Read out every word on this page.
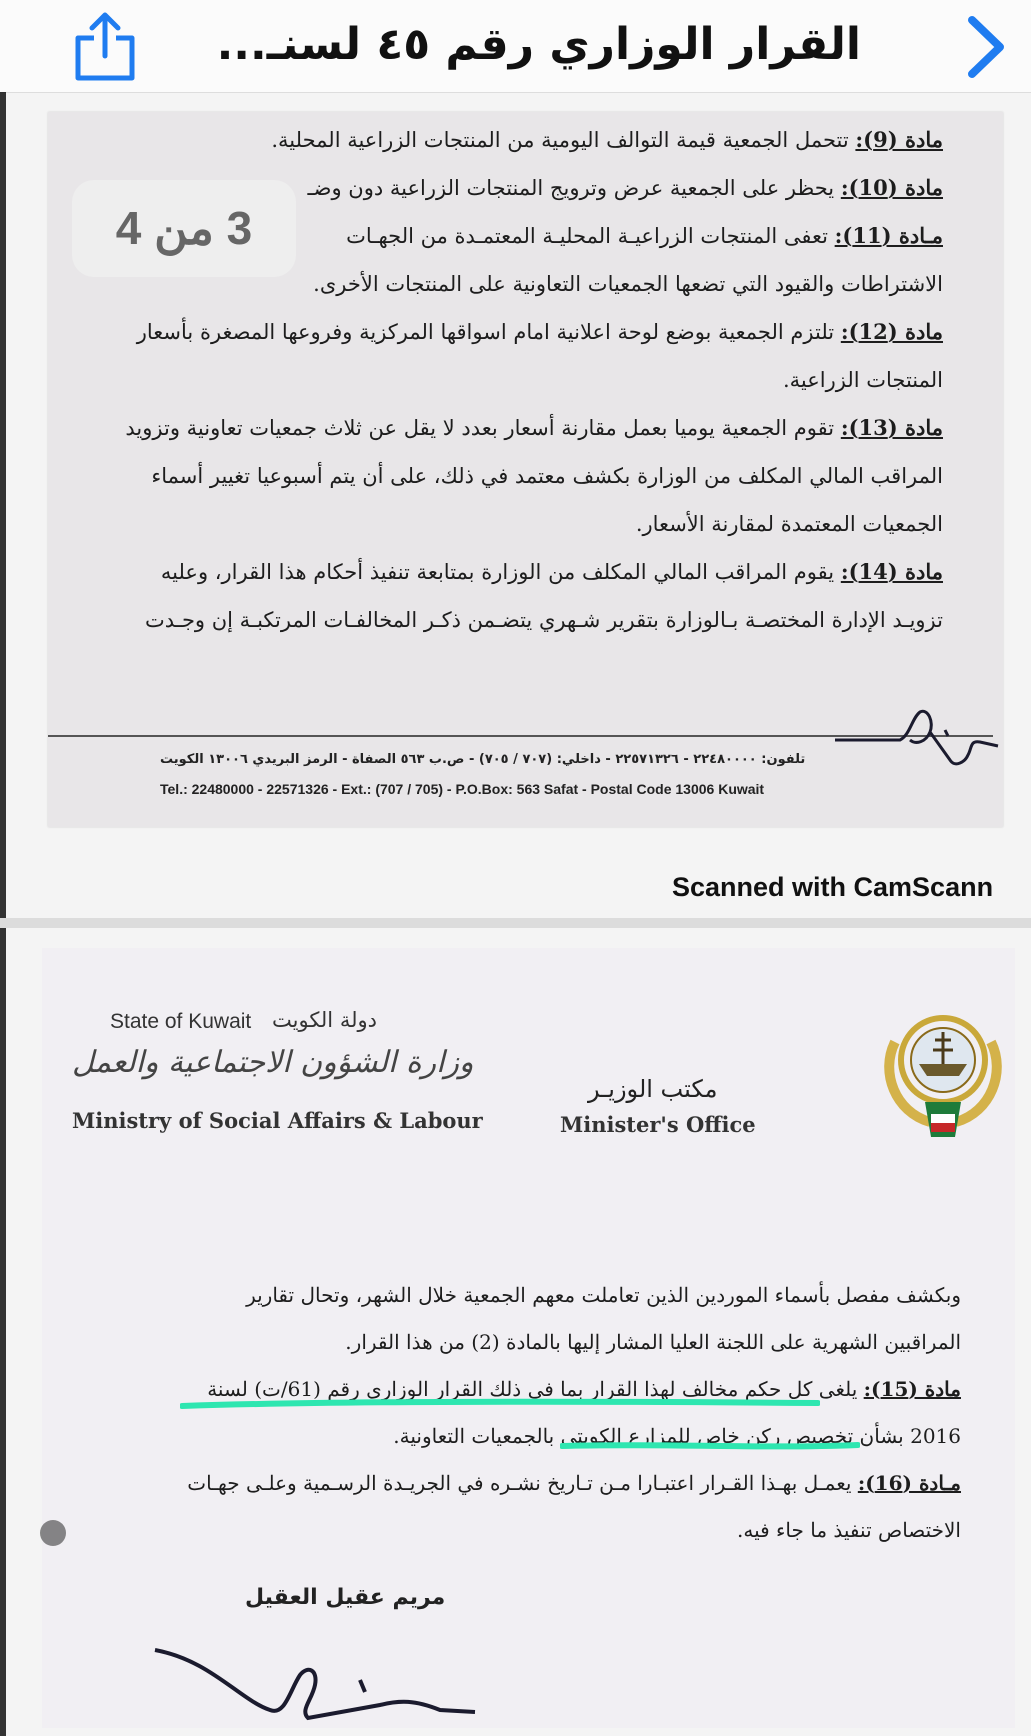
القرار الوزاري رقم ٤٥ لسنـ...
مادة (9): تتحمل الجمعية قيمة التوالف اليومية من المنتجات الزراعية المحلية.
مادة (10): يحظر على الجمعية عرض وترويج المنتجات الزراعية دون وضـ
مـادة (11): تعفى المنتجات الزراعيـة المحليـة المعتمـدة من الجهـات
الاشتراطات والقيود التي تضعها الجمعيات التعاونية على المنتجات الأخرى.
مادة (12): تلتزم الجمعية بوضع لوحة اعلانية امام اسواقها المركزية وفروعها المصغرة بأسعار
المنتجات الزراعية.
مادة (13): تقوم الجمعية يوميا بعمل مقارنة أسعار بعدد لا يقل عن ثلاث جمعيات تعاونية وتزويد
المراقب المالي المكلف من الوزارة بكشف معتمد في ذلك، على أن يتم أسبوعيا تغيير أسماء
الجمعيات المعتمدة لمقارنة الأسعار.
مادة (14): يقوم المراقب المالي المكلف من الوزارة بمتابعة تنفيذ أحكام هذا القرار، وعليه
تزويـد الإدارة المختصـة بـالوزارة بتقرير شـهري يتضـمن ذكـر المخالفـات المرتكبـة إن وجـدت
3 من 4
تلفون: ٢٢٤٨٠٠٠٠ - ٢٢٥٧١٣٢٦ - داخلي: (٧٠٧ / ٧٠٥) - ص.ب ٥٦٣ الصفاة - الرمز البريدي ١٣٠٠٦ الكويت
Tel.: 22480000 - 22571326 - Ext.: (707 / 705) - P.O.Box: 563 Safat - Postal Code 13006 Kuwait
Scanned with CamScann
State of Kuwait دولة الكويت
وزارة الشؤون الاجتماعية والعمل
Ministry of Social Affairs & Labour
مكتب الوزيـر
Minister's Office
وبكشف مفصل بأسماء الموردين الذين تعاملت معهم الجمعية خلال الشهر، وتحال تقارير
المراقبين الشهرية على اللجنة العليا المشار إليها بالمادة (2) من هذا القرار.
مادة (15): يلغى كل حكم مخالف لهذا القرار بما في ذلك القرار الوزاري رقم (61/ت) لسنة
2016 بشأن تخصيص ركن خاص للمزارع الكويتي بالجمعيات التعاونية.
مـادة (16): يعمـل بهـذا القـرار اعتبـارا مـن تـاريخ نشـره في الجريـدة الرسـمية وعلـى جهـات
الاختصاص تنفيذ ما جاء فيه.
مريم عقيل العقيل
